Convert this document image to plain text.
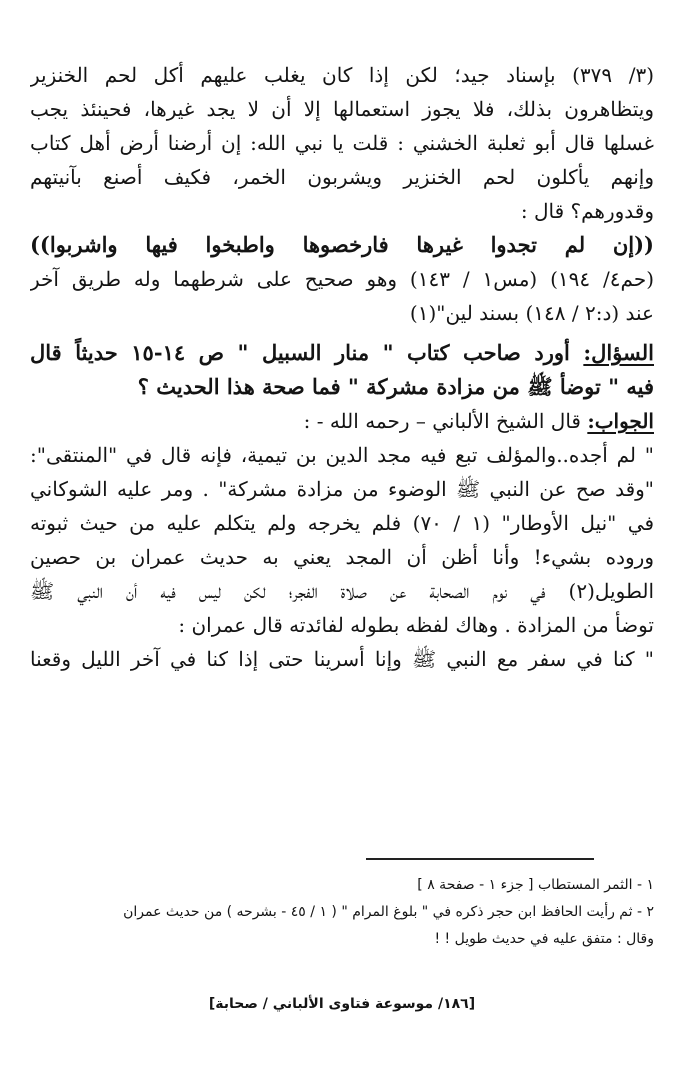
(٣/ ٣٧٩) بإسناد جيد؛ لكن إذا كان يغلب عليهم أكل لحم الخنزير
ويتظاهرون بذلك، فلا يجوز استعمالها إلا أن لا يجد غيرها، فحينئذ يجب
غسلها قال أبو ثعلبة الخشني : قلت يا نبي الله: إن أرضنا أرض أهل كتاب
وإنهم يأكلون لحم الخنزير ويشربون الخمر، فكيف أصنع بآنيتهم
وقدورهم؟ قال :
((إن لم تجدوا غيرها فارخصوها واطبخوا فيها واشربوا))
(حم٤/ ١٩٤) (مس١ / ١٤٣) وهو صحيح على شرطهما وله طريق آخر
عند (د:٢ / ١٤٨) بسند لين"(١)
السؤال: أورد صاحب كتاب " منار السبيل " ص ١٤-١٥ حديثاً قال
فيه " توضأ ﷺ من مزادة مشركة " فما صحة هذا الحديث ؟
الجواب: قال الشيخ الألباني – رحمه الله - :
" لم أجده..والمؤلف تبع فيه مجد الدين بن تيمية، فإنه قال في "المنتقى":
"وقد صح عن النبي ﷺ الوضوء من مزادة مشركة" . ومر عليه الشوكاني
في "نيل الأوطار" (١ / ٧٠) فلم يخرجه ولم يتكلم عليه من حيث ثبوته
وروده بشيء! وأنا أظن أن المجد يعني به حديث عمران بن حصين
الطويل(٢) في نوم الصحابة عن صلاة الفجر؛ لكن ليس فيه أن النبي ﷺ
توضأ من المزادة . وهاك لفظه بطوله لفائدته قال عمران :
" كنا في سفر مع النبي ﷺ وإنا أسرينا حتى إذا كنا في آخر الليل وقعنا
١ - الثمر المستطاب [ جزء ١ - صفحة ٨ ]
٢ - ثم رأيت الحافظ ابن حجر ذكره في " بلوغ المرام " ( ١ / ٤٥ - بشرحه ) من حديث عمران
وقال : متفق عليه في حديث طويل ! !
[١٨٦/ موسوعة فتاوى الألباني / صحابة]
